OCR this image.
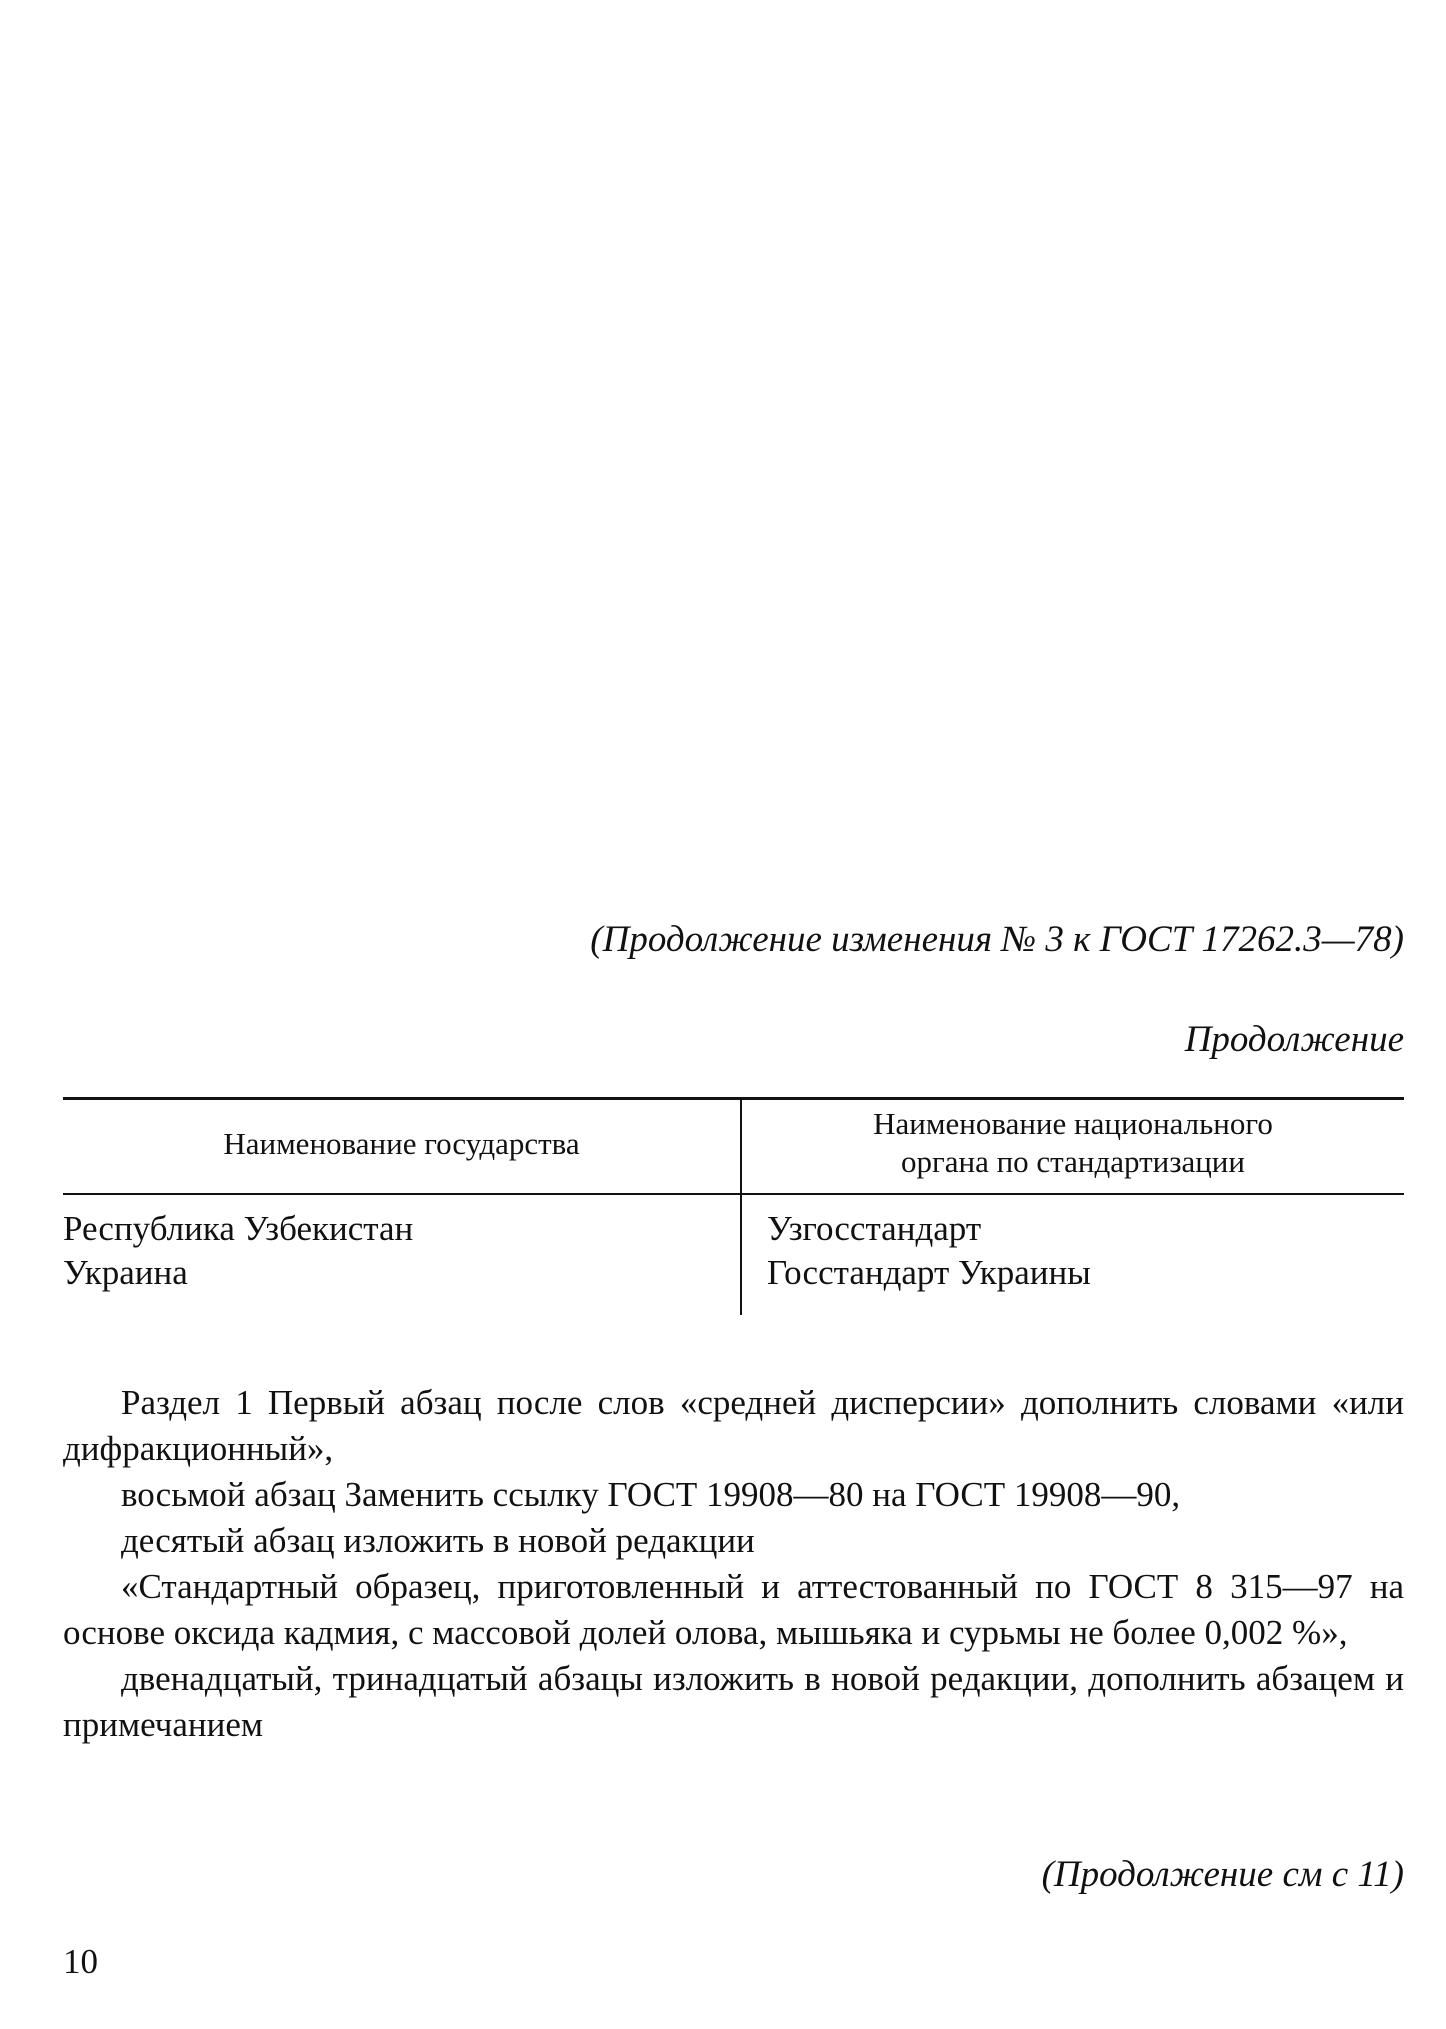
(Продолжение изменения № 3 к ГОСТ 17262.3—78)
Продолжение
Наименование государства
Наименование национального
органа по стандартизации
Республика Узбекистан
Украина
Узгосстандарт
Госстандарт Украины

Раздел 1 Первый абзац после слов «средней дисперсии» дополнить словами «или дифракционный»,

восьмой абзац Заменить ссылку ГОСТ 19908—80 на ГОСТ 19908—90,

десятый абзац изложить в новой редакции

«Стандартный образец, приготовленный и аттестованный по ГОСТ 8 315—97 на основе оксида кадмия, с массовой долей олова, мышьяка и сурьмы не более 0,002 %»,

двенадцатый, тринадцатый абзацы изложить в новой редакции, дополнить абзацем и примечанием

(Продолжение см с 11)
10
